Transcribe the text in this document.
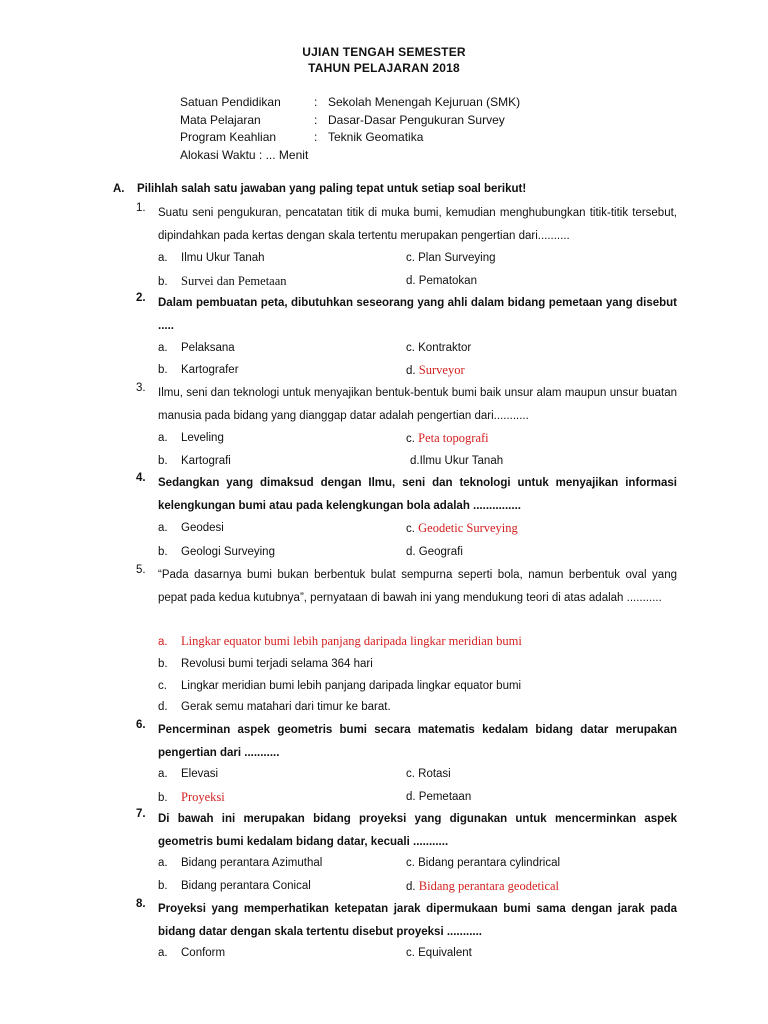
UJIAN TENGAH SEMESTER
TAHUN PELAJARAN 2018
Satuan Pendidikan	: Sekolah Menengah Kejuruan (SMK)
Mata Pelajaran	: Dasar-Dasar Pengukuran Survey
Program Keahlian	: Teknik Geomatika
Alokasi Waktu : ... Menit
A. Pilihlah salah satu jawaban yang paling tepat untuk setiap soal berikut!
1.	Suatu seni pengukuran, pencatatan titik di muka bumi, kemudian menghubungkan titik-titik tersebut, dipindahkan pada kertas dengan skala tertentu merupakan pengertian dari..........
a. Ilmu Ukur Tanah	c. Plan Surveying
b. Survei dan Pemetaan	d. Pematokan
2.	Dalam pembuatan peta, dibutuhkan seseorang yang ahli dalam bidang pemetaan yang disebut .....
a. Pelaksana	c. Kontraktor
b. Kartografer	d. Surveyor
3.	Ilmu, seni dan teknologi untuk menyajikan bentuk-bentuk bumi baik unsur alam maupun unsur buatan manusia pada bidang yang dianggap datar adalah pengertian dari...........
a. Leveling	c. Peta topografi
b. Kartografi	d.Ilmu Ukur Tanah
4.	Sedangkan yang dimaksud dengan Ilmu, seni dan teknologi untuk menyajikan informasi kelengkungan bumi atau pada kelengkungan bola adalah ...............
a. Geodesi	c. Geodetic Surveying
b. Geologi Surveying	d. Geografi
5.	“Pada dasarnya bumi bukan berbentuk bulat sempurna seperti bola, namun berbentuk oval yang pepat pada kedua kutubnya”, pernyataan di bawah ini yang mendukung teori di atas adalah ...........
a. Lingkar equator bumi lebih panjang daripada lingkar meridian bumi
b. Revolusi bumi terjadi selama 364 hari
c. Lingkar meridian bumi lebih panjang daripada lingkar equator bumi
d. Gerak semu matahari dari timur ke barat.
6.	Pencerminan aspek geometris bumi secara matematis kedalam bidang datar merupakan pengertian dari ...........
a. Elevasi	c. Rotasi
b. Proyeksi	d. Pemetaan
7.	Di bawah ini merupakan bidang proyeksi yang digunakan untuk mencerminkan aspek geometris bumi kedalam bidang datar, kecuali ...........
a. Bidang perantara Azimuthal	c. Bidang perantara cylindrical
b. Bidang perantara Conical	d. Bidang perantara geodetical
8.	Proyeksi yang memperhatikan ketepatan jarak dipermukaan bumi sama dengan jarak pada bidang datar dengan skala tertentu disebut proyeksi ...........
a. Conform	c. Equivalent
